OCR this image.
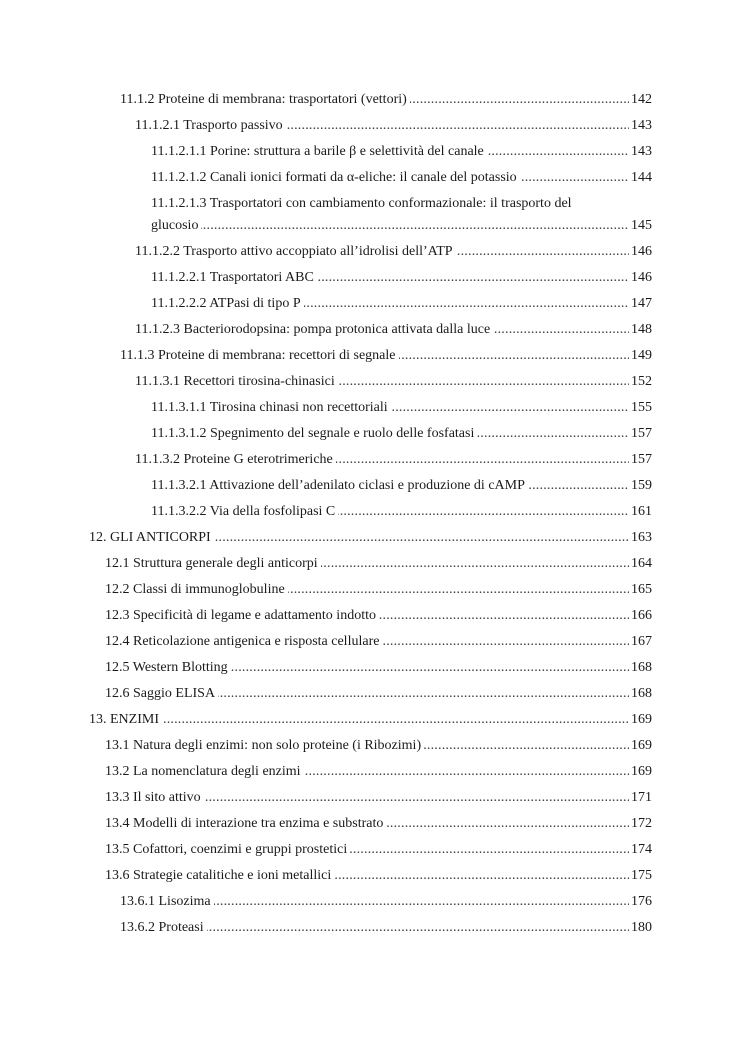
..... 11.1.2 Proteine di membrana: trasportatori (vettori)	142
..... 11.1.2.1 Trasporto passivo	143
..... 11.1.2.1.1 Porine: struttura a barile β e selettività del canale	143
..... 11.1.2.1.2 Canali ionici formati da α-eliche: il canale del potassio	144
..... 11.1.2.1.3 Trasportatori con cambiamento conformazionale: il trasporto del glucosio	145
..... 11.1.2.2 Trasporto attivo accoppiato all’idrolisi dell’ATP	146
..... 11.1.2.2.1 Trasportatori ABC	146
..... 11.1.2.2.2 ATPasi di tipo P	147
..... 11.1.2.3 Bacteriorodopsina: pompa protonica attivata dalla luce	148
..... 11.1.3 Proteine di membrana: recettori di segnale	149
..... 11.1.3.1 Recettori tirosina-chinasici	152
..... 11.1.3.1.1 Tirosina chinasi non recettoriali	155
..... 11.1.3.1.2 Spegnimento del segnale e ruolo delle fosfatasi	157
..... 11.1.3.2 Proteine G eterotrimeriche	157
..... 11.1.3.2.1 Attivazione dell’adenilato ciclasi e produzione di cAMP	159
..... 11.1.3.2.2 Via della fosfolipasi C	161
..... 12. GLI ANTICORPI	163
..... 12.1 Struttura generale degli anticorpi	164
..... 12.2 Classi di immunoglobuline	165
..... 12.3 Specificità di legame e adattamento indotto	166
..... 12.4 Reticolazione antigenica e risposta cellulare	167
..... 12.5 Western Blotting	168
..... 12.6 Saggio ELISA	168
..... 13. ENZIMI	169
..... 13.1 Natura degli enzimi: non solo proteine (i Ribozimi)	169
..... 13.2 La nomenclatura degli enzimi	169
..... 13.3 Il sito attivo	171
..... 13.4 Modelli di interazione tra enzima e substrato	172
..... 13.5 Cofattori, coenzimi e gruppi prostetici	174
..... 13.6 Strategie catalitiche e ioni metallici	175
..... 13.6.1 Lisozima	176
..... 13.6.2 Proteasi	180
